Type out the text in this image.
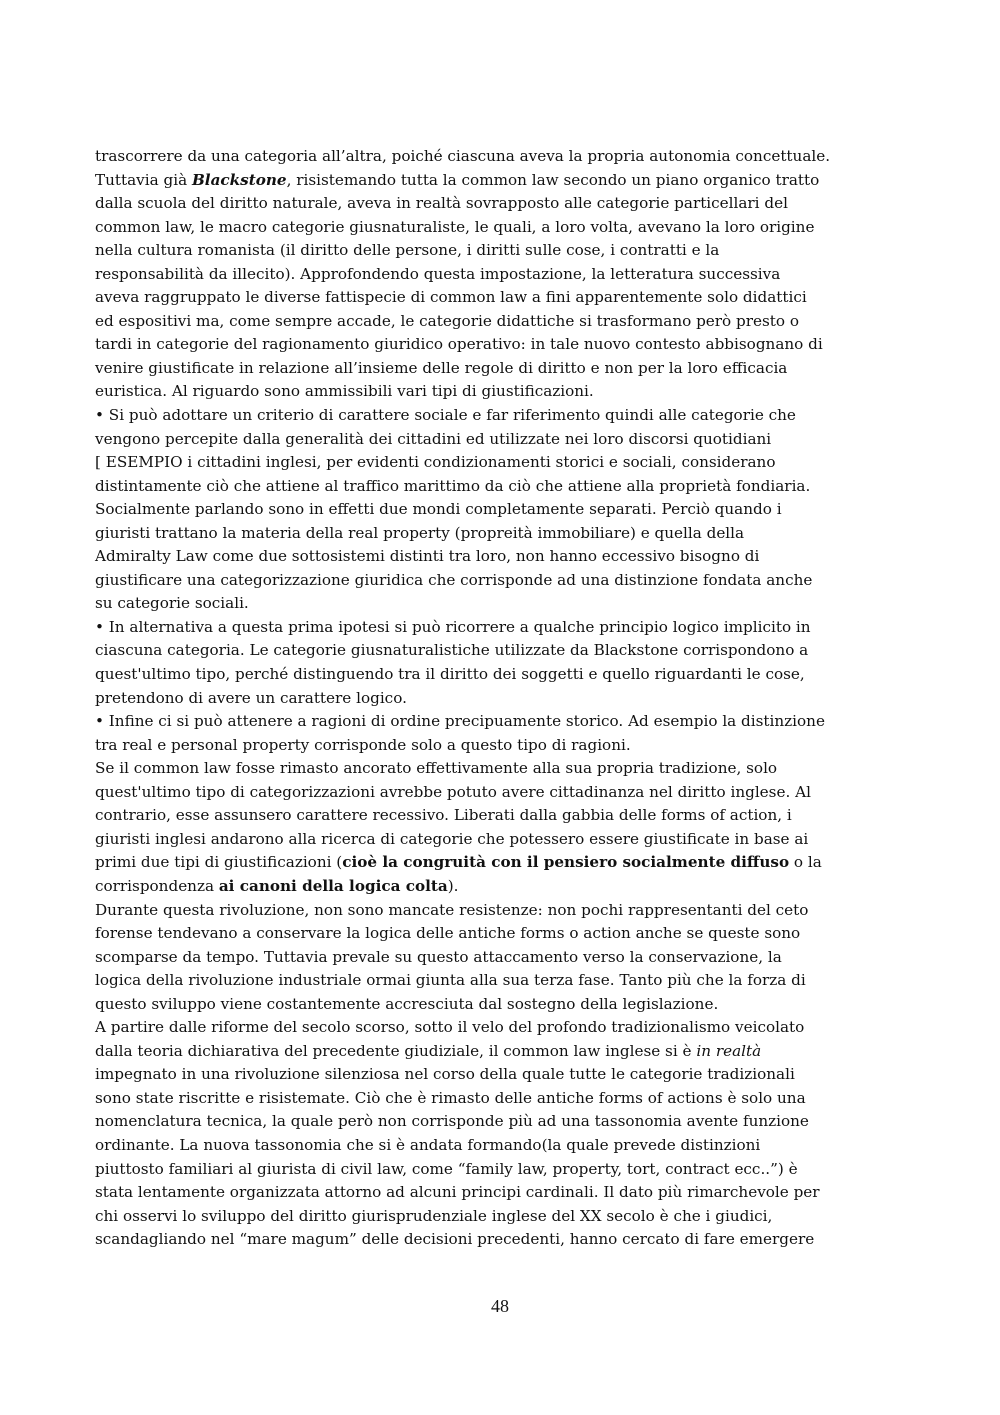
trascorrere da una categoria all’altra, poiché ciascuna aveva la propria autonomia concettuale.
Tuttavia già Blackstone, risistemando tutta la common law secondo un piano organico tratto
dalla scuola del diritto naturale, aveva in realtà sovrapposto alle categorie particellari del
common law, le macro categorie giusnaturaliste, le quali, a loro volta, avevano la loro origine
nella cultura romanista (il diritto delle persone, i diritti sulle cose, i contratti e la
responsabilità da illecito). Approfondendo questa impostazione, la letteratura successiva
aveva raggruppato le diverse fattispecie di common law a fini apparentemente solo didattici
ed espositivi ma, come sempre accade, le categorie didattiche si trasformano però presto o
tardi in categorie del ragionamento giuridico operativo: in tale nuovo contesto abbisognano di
venire giustificate in relazione all’insieme delle regole di diritto e non per la loro efficacia
euristica. Al riguardo sono ammissibili vari tipi di giustificazioni.
• Si può adottare un criterio di carattere sociale e far riferimento quindi alle categorie che
vengono percepite dalla generalità dei cittadini ed utilizzate nei loro discorsi quotidiani
[ ESEMPIO i cittadini inglesi, per evidenti condizionamenti storici e sociali, considerano
distintamente ciò che attiene al traffico marittimo da ciò che attiene alla proprietà fondiaria.
Socialmente parlando sono in effetti due mondi completamente separati. Perciò quando i
giuristi trattano la materia della real property (propreità immobiliare) e quella della
Admiralty Law come due sottosistemi distinti tra loro, non hanno eccessivo bisogno di
giustificare una categorizzazione giuridica che corrisponde ad una distinzione fondata anche
su categorie sociali.
• In alternativa a questa prima ipotesi si può ricorrere a qualche principio logico implicito in
ciascuna categoria. Le categorie giusnaturalistiche utilizzate da Blackstone corrispondono a
quest'ultimo tipo, perché distinguendo tra il diritto dei soggetti e quello riguardanti le cose,
pretendono di avere un carattere logico.
• Infine ci si può attenere a ragioni di ordine precipuamente storico. Ad esempio la distinzione
tra real e personal property corrisponde solo a questo tipo di ragioni.
Se il common law fosse rimasto ancorato effettivamente alla sua propria tradizione, solo
quest'ultimo tipo di categorizzazioni avrebbe potuto avere cittadinanza nel diritto inglese. Al
contrario, esse assunsero carattere recessivo. Liberati dalla gabbia delle forms of action, i
giuristi inglesi andarono alla ricerca di categorie che potessero essere giustificate in base ai
primi due tipi di giustificazioni (cioè la congruità con il pensiero socialmente diffuso o la
corrispondenza ai canoni della logica colta).
Durante questa rivoluzione, non sono mancate resistenze: non pochi rappresentanti del ceto
forense tendevano a conservare la logica delle antiche forms o action anche se queste sono
scomparse da tempo. Tuttavia prevale su questo attaccamento verso la conservazione, la
logica della rivoluzione industriale ormai giunta alla sua terza fase. Tanto più che la forza di
questo sviluppo viene costantemente accresciuta dal sostegno della legislazione.
A partire dalle riforme del secolo scorso, sotto il velo del profondo tradizionalismo veicolato
dalla teoria dichiarativa del precedente giudiziale, il common law inglese si è in realtà
impegnato in una rivoluzione silenziosa nel corso della quale tutte le categorie tradizionali
sono state riscritte e risistemate. Ciò che è rimasto delle antiche forms of actions è solo una
nomenclatura tecnica, la quale però non corrisponde più ad una tassonomia avente funzione
ordinante. La nuova tassonomia che si è andata formando(la quale prevede distinzioni
piuttosto familiari al giurista di civil law, come “family law, property, tort, contract ecc..”) è
stata lentamente organizzata attorno ad alcuni principi cardinali. Il dato più rimarchevole per
chi osservi lo sviluppo del diritto giurisprudenziale inglese del XX secolo è che i giudici,
scandagliando nel “mare magum” delle decisioni precedenti, hanno cercato di fare emergere
48
